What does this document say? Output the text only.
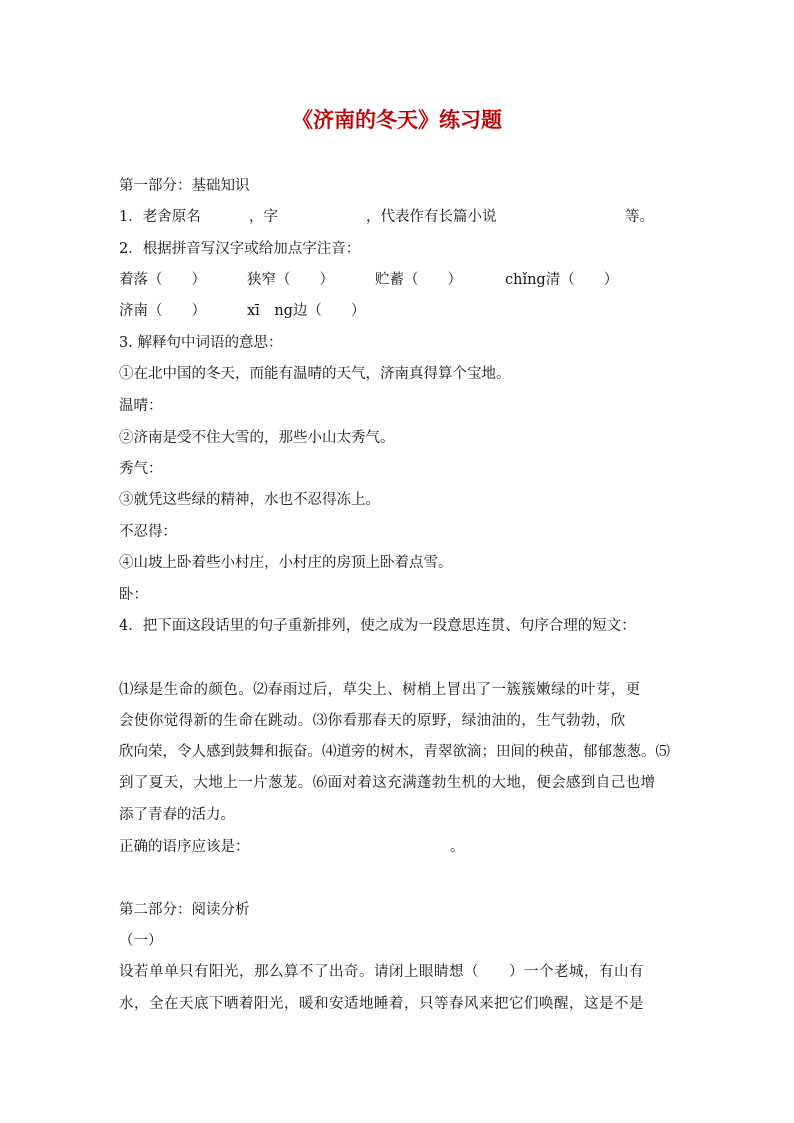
《济南的冬天》练习题
第一部分：基础知识
1．老舍原名	，字	，代表作有长篇小说	等。
2．根据拼音写汉字或给加点字注音：
着落（　　）	狭窄（　　）	贮蓄（　　）	chǐng清（　　）
济南（　　）	xī　ng边（　　）
3. 解释句中词语的意思：
①在北中国的冬天，而能有温晴的天气，济南真得算个宝地。
温晴：
②济南是受不住大雪的，那些小山太秀气。
秀气：
③就凭这些绿的精神，水也不忍得冻上。
不忍得：
④山坡上卧着些小村庄，小村庄的房顶上卧着点雪。
卧：
4．把下面这段话里的句子重新排列，使之成为一段意思连贯、句序合理的短文：
⑴绿是生命的颜色。⑵春雨过后，草尖上、树梢上冒出了一簇簇嫩绿的叶芽，更
会使你觉得新的生命在跳动。⑶你看那春天的原野，绿油油的，生气勃勃，欣
欣向荣，令人感到鼓舞和振奋。⑷道旁的树木，青翠欲滴；田间的秧苗，郁郁葱葱。⑸
到了夏天，大地上一片葱茏。⑹面对着这充满蓬勃生机的大地，便会感到自己也增
添了青春的活力。
正确的语序应该是：	。
第二部分：阅读分析
（一）
设若单单只有阳光，那么算不了出奇。请闭上眼睛想（　　）一个老城，有山有
水，全在天底下晒着阳光，暖和安适地睡着，只等春风来把它们唤醒，这是不是
